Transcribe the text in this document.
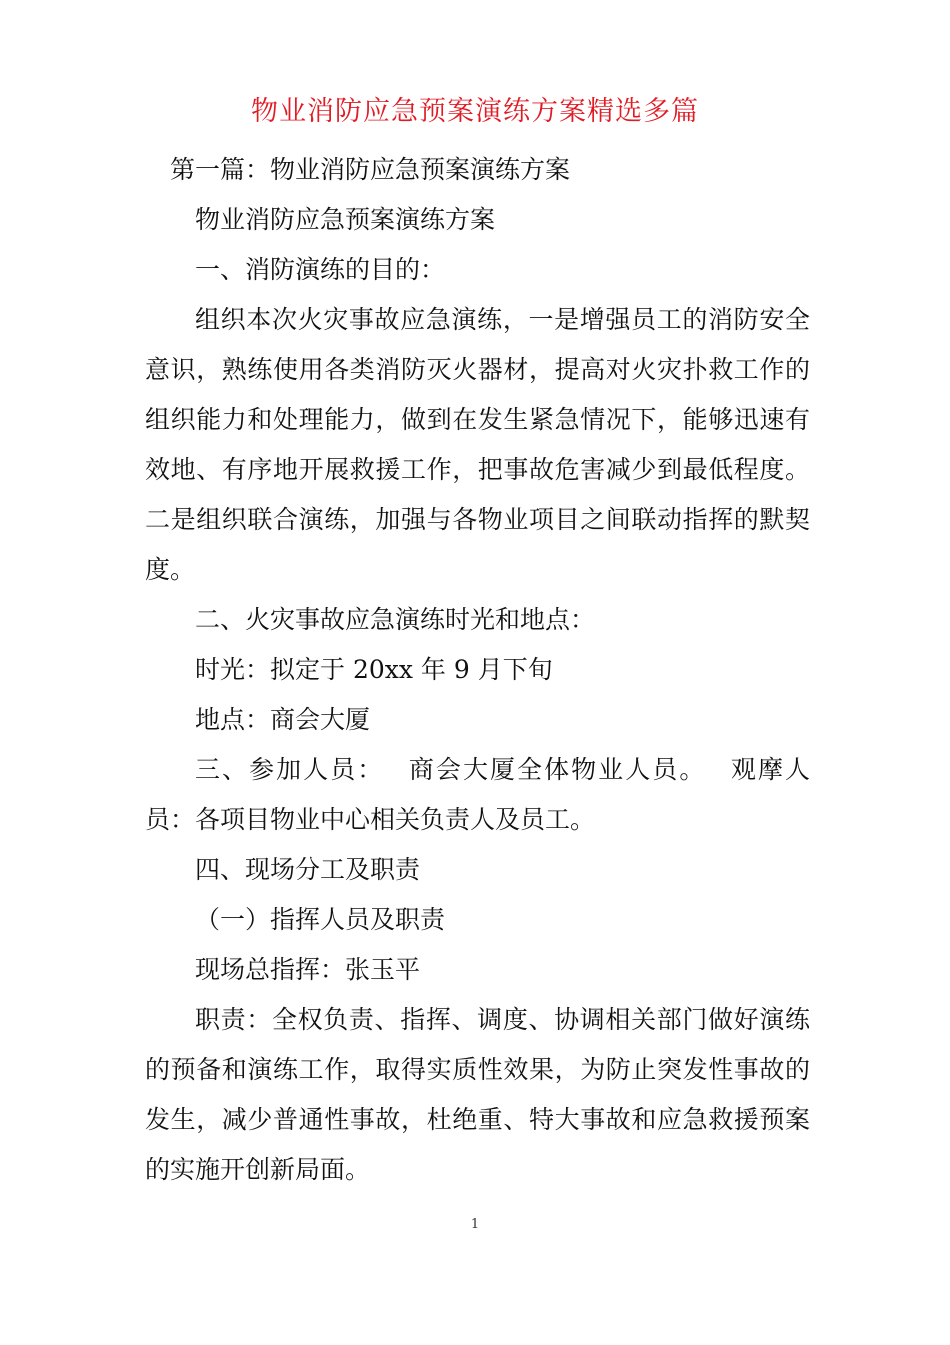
物业消防应急预案演练方案精选多篇

第一篇：物业消防应急预案演练方案

物业消防应急预案演练方案

一、消防演练的目的：

组织本次火灾事故应急演练，一是增强员工的消防安全意识，熟练使用各类消防灭火器材，提高对火灾扑救工作的组织能力和处理能力，做到在发生紧急情况下，能够迅速有效地、有序地开展救援工作，把事故危害减少到最低程度。二是组织联合演练，加强与各物业项目之间联动指挥的默契度。

二、火灾事故应急演练时光和地点：

时光：拟定于 20xx 年 9 月下旬

地点：商会大厦

三、参加人员：　 商会大厦全体物业人员。　 观摩人员：各项目物业中心相关负责人及员工。

四、现场分工及职责

（一）指挥人员及职责

现场总指挥：张玉平

职责：全权负责、指挥、调度、协调相关部门做好演练的预备和演练工作，取得实质性效果，为防止突发性事故的发生，减少普通性事故，杜绝重、特大事故和应急救援预案的实施开创新局面。

1
